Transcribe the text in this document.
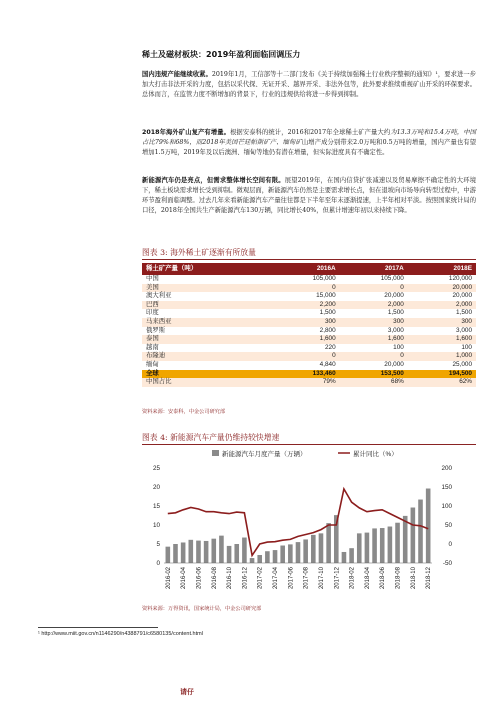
稀土及磁材板块：2019年盈利面临回调压力
国内违规产能继续收紧。2019年1月，工信部等十二部门发布《关于持续加强稀土行业秩序整顿的通知》¹，要求进一步加大打击非法开采的力度，包括以采代探、无证开采、越界开采、非法外包等，此外要求推续重视矿山开采的环保要求。总体而言，在监管力度不断增加的背景下，行业的违规供给将进一步得到抑制。
2018年海外矿山复产有增量。根据安泰科的统计，2016和2017年全球稀土矿产量大约为13.3万吨和15.4万吨，中国占比79%和68%，而2018年美国芒廷帕斯矿产、缅甸矿山增产成分别带来2.0万吨和0.5万吨的增量，国内产量也有望增加1.5万吨，2019年及以后澳洲、缅甸等地仍有潜在增量，但实际进度具有不确定性。
新能源汽车仍是亮点，但需求整体增长空间有限。展望2019年，在国内信贷扩张减速以及贸易摩擦不确定性的大环境下，稀土板块需求增长受到抑制。微观层面，新能源汽车仍然是主要需求增长点，但在退坡向市场导向转型过程中，中游环节盈利面临调整。过去几年来看新能源汽车产量往往都是下半年至年末逐渐提速，上半年相对平淡。按照国家统计局的口径，2018年全国共生产新能源汽车130万辆，同比增长40%，但累计增速年初以来持续下降。
图表 3: 海外稀土矿逐渐有所放量
稀土矿产量（吨）	2016A	2017A	2018E
中国	105,000	105,000	120,000
美国	0	0	20,000
澳大利亚	15,000	20,000	20,000
巴西	2,200	2,000	2,000
印度	1,500	1,500	1,500
马来西亚	300	300	300
俄罗斯	2,800	3,000	3,000
泰国	1,600	1,600	1,600
越南	220	100	100
布隆迪	0	0	1,000
缅甸	4,840	20,000	25,000
全球	133,460	153,500	194,500
中国占比	79%	68%	62%
资料来源：安泰科，中金公司研究部
图表 4: 新能源汽车产量仍维持较快增速
新能源汽车月度产量（万辆）	累计同比（%）
0
5
10
15
20
25
-50
0
50
100
150
200
2016-02 2016-04 2016-06 2016-08 2016-10 2016-12 2017-02 2017-04 2017-06 2017-08 2017-10 2017-12 2018-02 2018-04 2018-06 2018-08 2018-10 2018-12
资料来源：万得资讯，国家统计局，中金公司研究部
¹ http://www.miit.gov.cn/n1146290/n4388791/c6580135/content.html
请仔
